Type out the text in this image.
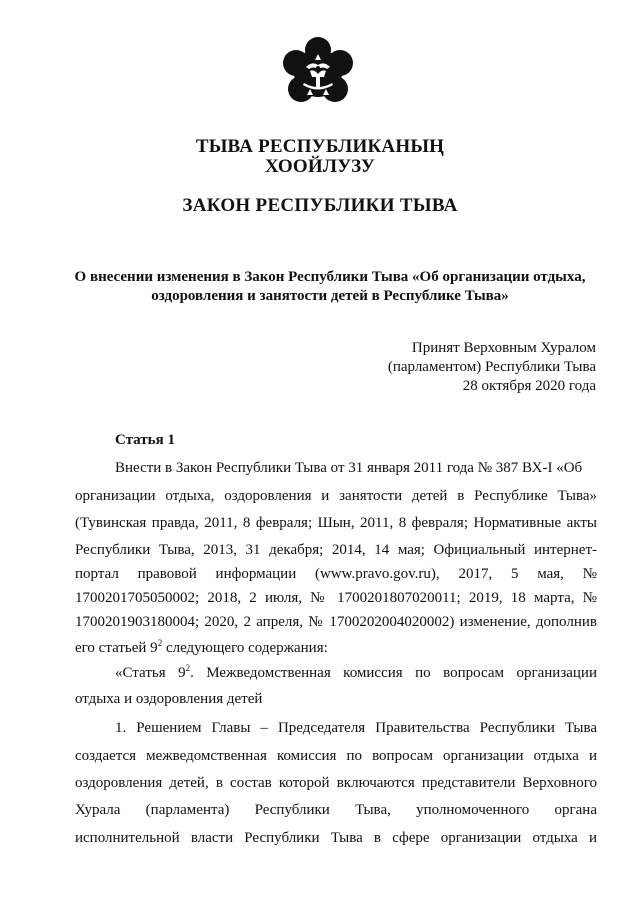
ТЫВА РЕСПУБЛИКАНЫҢ
ХООЙЛУЗУ
ЗАКОН РЕСПУБЛИКИ ТЫВА
О внесении изменения в Закон Республики Тыва «Об организации отдыха,
оздоровления и занятости детей в Республике Тыва»
Принят Верховным Хуралом
(парламентом) Республики Тыва
28 октября 2020 года
Статья 1
Внести в Закон Республики Тыва от 31 января 2011 года № 387 ВХ-I «Об
организации отдыха, оздоровления и занятости детей в Республике Тыва»
(Тувинская правда, 2011, 8 февраля; Шын, 2011, 8 февраля; Нормативные акты
Республики Тыва, 2013, 31 декабря; 2014, 14 мая; Официальный интернет-
портал правовой информации (www.pravo.gov.ru), 2017, 5 мая, №
1700201705050002; 2018, 2 июля, № 1700201807020011; 2019, 18 марта, №
1700201903180004; 2020, 2 апреля, № 1700202004020002) изменение, дополнив
его статьей $9^2$ следующего содержания:
«Статья $9^2$. Межведомственная комиссия по вопросам организации
отдыха и оздоровления детей
1. Решением Главы – Председателя Правительства Республики Тыва
создается межведомственная комиссия по вопросам организации отдыха и
оздоровления детей, в состав которой включаются представители Верховного
Хурала (парламента) Республики Тыва, уполномоченного органа
исполнительной власти Республики Тыва в сфере организации отдыха и
